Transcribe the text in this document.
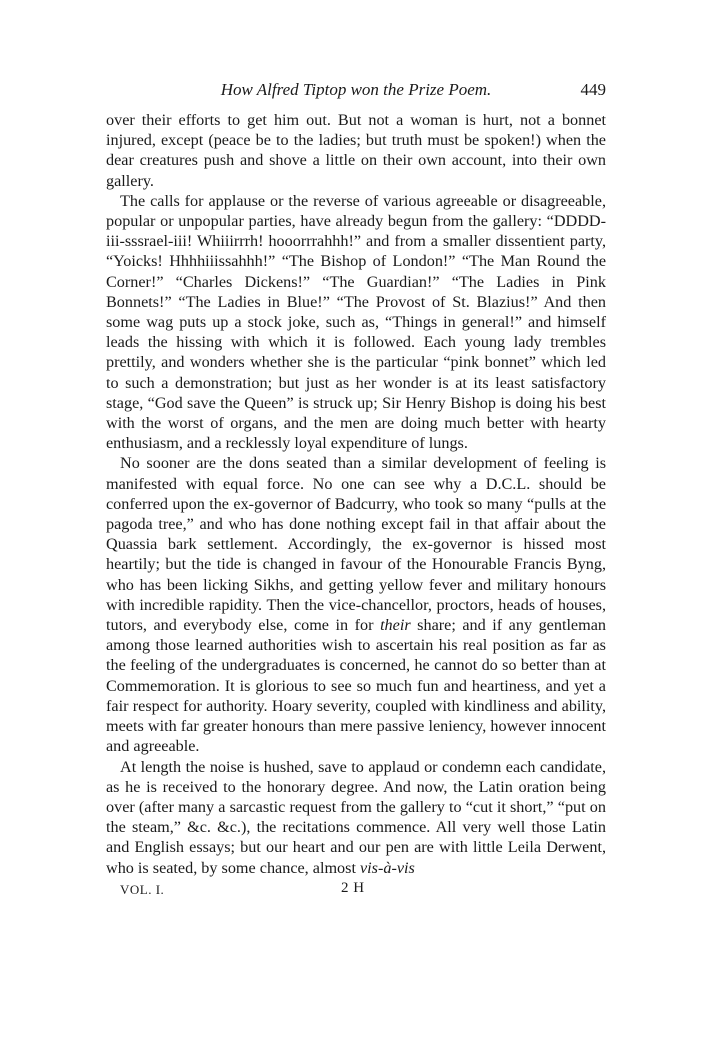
How Alfred Tiptop won the Prize Poem.	449

over their efforts to get him out. But not a woman is hurt, not a bonnet injured, except (peace be to the ladies; but truth must be spoken!) when the dear creatures push and shove a little on their own account, into their own gallery.

The calls for applause or the reverse of various agreeable or disagreeable, popular or unpopular parties, have already begun from the gallery: “DDDD-iii-sssrael-iii! Whiiirrrh! hooorrrahhh!” and from a smaller dissentient party, “Yoicks! Hhhhiiissahhh!” “The Bishop of London!” “The Man Round the Corner!” “Charles Dickens!” “The Guardian!” “The Ladies in Pink Bonnets!” “The Ladies in Blue!” “The Provost of St. Blazius!” And then some wag puts up a stock joke, such as, “Things in general!” and himself leads the hissing with which it is followed. Each young lady trembles prettily, and wonders whether she is the particular “pink bonnet” which led to such a demonstration; but just as her wonder is at its least satisfactory stage, “God save the Queen” is struck up; Sir Henry Bishop is doing his best with the worst of organs, and the men are doing much better with hearty enthusiasm, and a recklessly loyal expenditure of lungs.

No sooner are the dons seated than a similar development of feeling is manifested with equal force. No one can see why a D.C.L. should be conferred upon the ex-governor of Badcurry, who took so many “pulls at the pagoda tree,” and who has done nothing except fail in that affair about the Quassia bark settlement. Accordingly, the ex-governor is hissed most heartily; but the tide is changed in favour of the Honourable Francis Byng, who has been licking Sikhs, and getting yellow fever and military honours with incredible rapidity. Then the vice-chancellor, proctors, heads of houses, tutors, and everybody else, come in for their share; and if any gentleman among those learned authorities wish to ascertain his real position as far as the feeling of the undergraduates is concerned, he cannot do so better than at Commemoration. It is glorious to see so much fun and heartiness, and yet a fair respect for authority. Hoary severity, coupled with kindliness and ability, meets with far greater honours than mere passive leniency, however innocent and agreeable.

At length the noise is hushed, save to applaud or condemn each candidate, as he is received to the honorary degree. And now, the Latin oration being over (after many a sarcastic request from the gallery to “cut it short,” “put on the steam,” &c. &c.), the recitations commence. All very well those Latin and English essays; but our heart and our pen are with little Leila Derwent, who is seated, by some chance, almost vis-à-vis

VOL. I.	2 H
